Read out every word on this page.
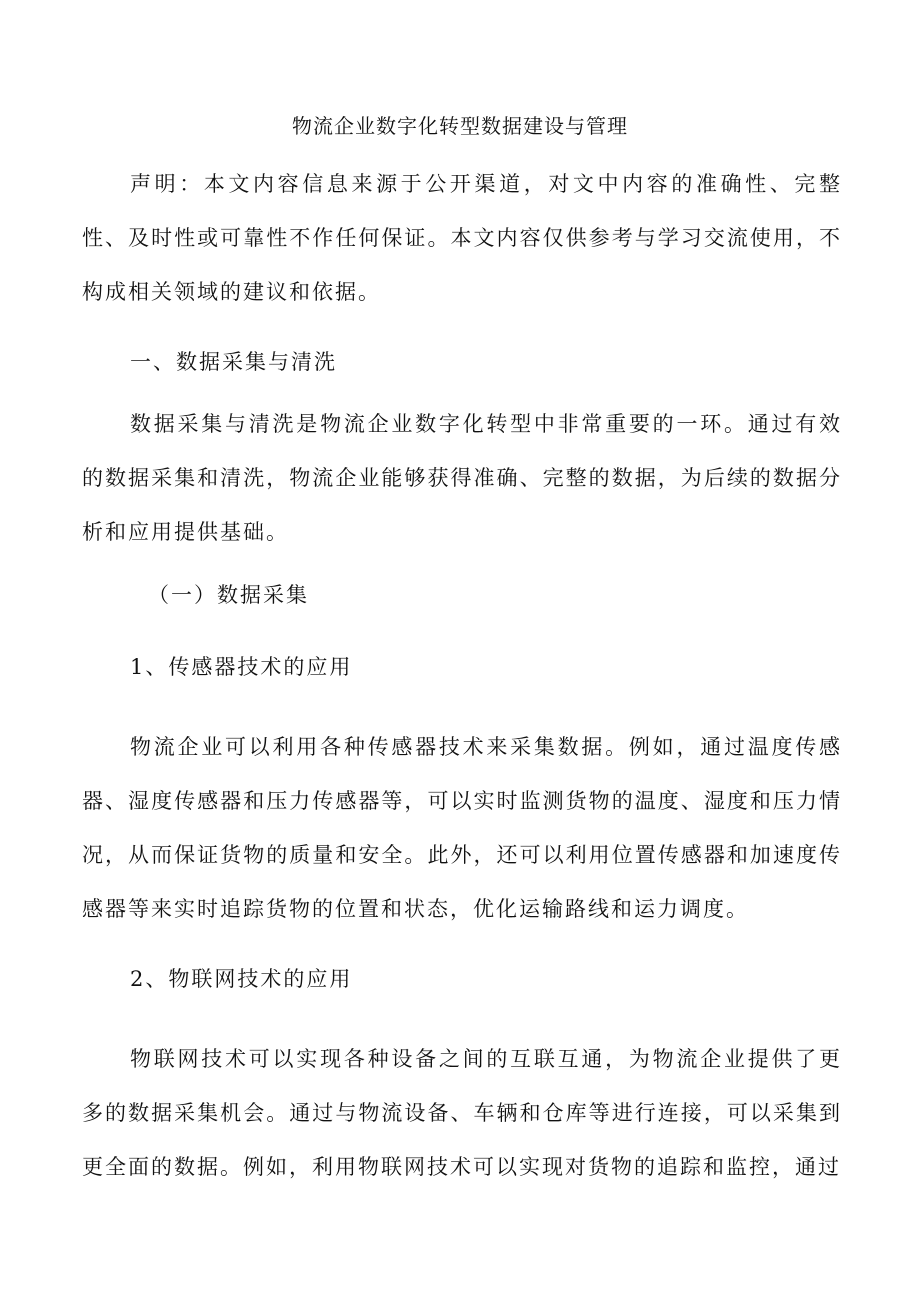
物流企业数字化转型数据建设与管理

声明：本文内容信息来源于公开渠道，对文中内容的准确性、完整性、及时性或可靠性不作任何保证。本文内容仅供参考与学习交流使用，不构成相关领域的建议和依据。

一、数据采集与清洗

数据采集与清洗是物流企业数字化转型中非常重要的一环。通过有效的数据采集和清洗，物流企业能够获得准确、完整的数据，为后续的数据分析和应用提供基础。

（一）数据采集
1、传感器技术的应用

物流企业可以利用各种传感器技术来采集数据。例如，通过温度传感器、湿度传感器和压力传感器等，可以实时监测货物的温度、湿度和压力情况，从而保证货物的质量和安全。此外，还可以利用位置传感器和加速度传感器等来实时追踪货物的位置和状态，优化运输路线和运力调度。

2、物联网技术的应用

物联网技术可以实现各种设备之间的互联互通，为物流企业提供了更多的数据采集机会。通过与物流设备、车辆和仓库等进行连接，可以采集到更全面的数据。例如，利用物联网技术可以实现对货物的追踪和监控，通过
